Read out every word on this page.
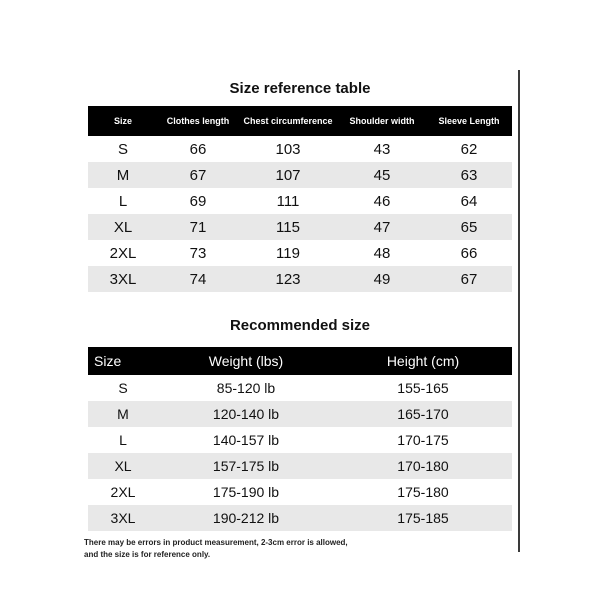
Size reference table
Size	Clothes length	Chest circumference	Shoulder width	Sleeve Length
S	66	103	43	62
M	67	107	45	63
L	69	111	46	64
XL	71	115	47	65
2XL	73	119	48	66
3XL	74	123	49	67
Recommended size
Size	Weight (lbs)	Height (cm)
S	85-120 lb	155-165
M	120-140 lb	165-170
L	140-157 lb	170-175
XL	157-175 lb	170-180
2XL	175-190 lb	175-180
3XL	190-212 lb	175-185
There may be errors in product measurement, 2-3cm error is allowed,
and the size is for reference only.
